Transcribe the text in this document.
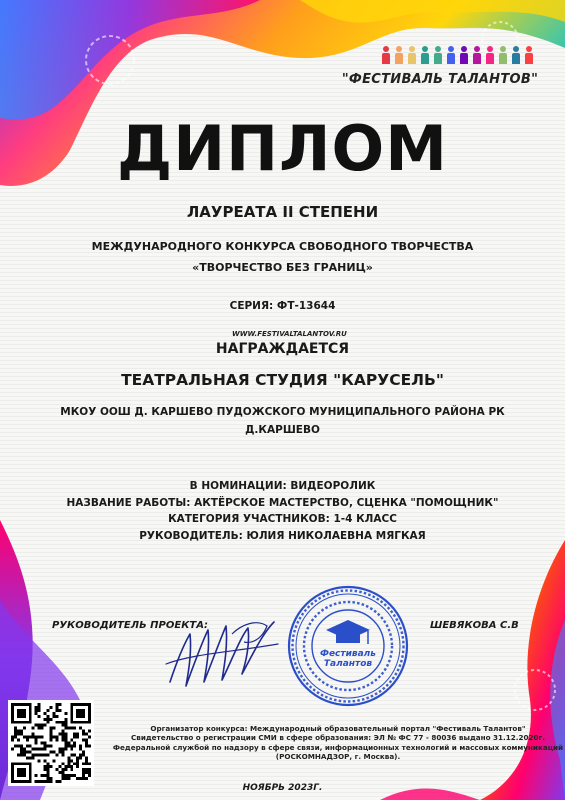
"ФЕСТИВАЛЬ ТАЛАНТОВ"
ДИПЛОМ
ЛАУРЕАТА II СТЕПЕНИ
МЕЖДУНАРОДНОГО КОНКУРСА СВОБОДНОГО ТВОРЧЕСТВА
«ТВОРЧЕСТВО БЕЗ ГРАНИЦ»
СЕРИЯ: ФТ-13644
WWW.FESTIVALTALANTOV.RU
НАГРАЖДАЕТСЯ
ТЕАТРАЛЬНАЯ СТУДИЯ "КАРУСЕЛЬ"
МКОУ ООШ Д. КАРШЕВО ПУДОЖСКОГО МУНИЦИПАЛЬНОГО РАЙОНА РК
Д.КАРШЕВО
В НОМИНАЦИИ: ВИДЕОРОЛИК
НАЗВАНИЕ РАБОТЫ: АКТЁРСКОЕ МАСТЕРСТВО, СЦЕНКА "ПОМОЩНИК"
КАТЕГОРИЯ УЧАСТНИКОВ: 1-4 КЛАСС
РУКОВОДИТЕЛЬ: ЮЛИЯ НИКОЛАЕВНА МЯГКАЯ
РУКОВОДИТЕЛЬ ПРОЕКТА:	ШЕВЯКОВА С.В
Фестиваль
Талантов
Организатор конкурса: Международный образовательный портал "Фестиваль Талантов"
Свидетельство о регистрации СМИ в сфере образования: ЭЛ № ФС 77 - 80036 выдано 31.12.2020г.
Федеральной службой по надзору в сфере связи, информационных технологий и массовых коммуникаций
(РОСКОМНАДЗОР, г. Москва).
НОЯБРЬ 2023Г.
